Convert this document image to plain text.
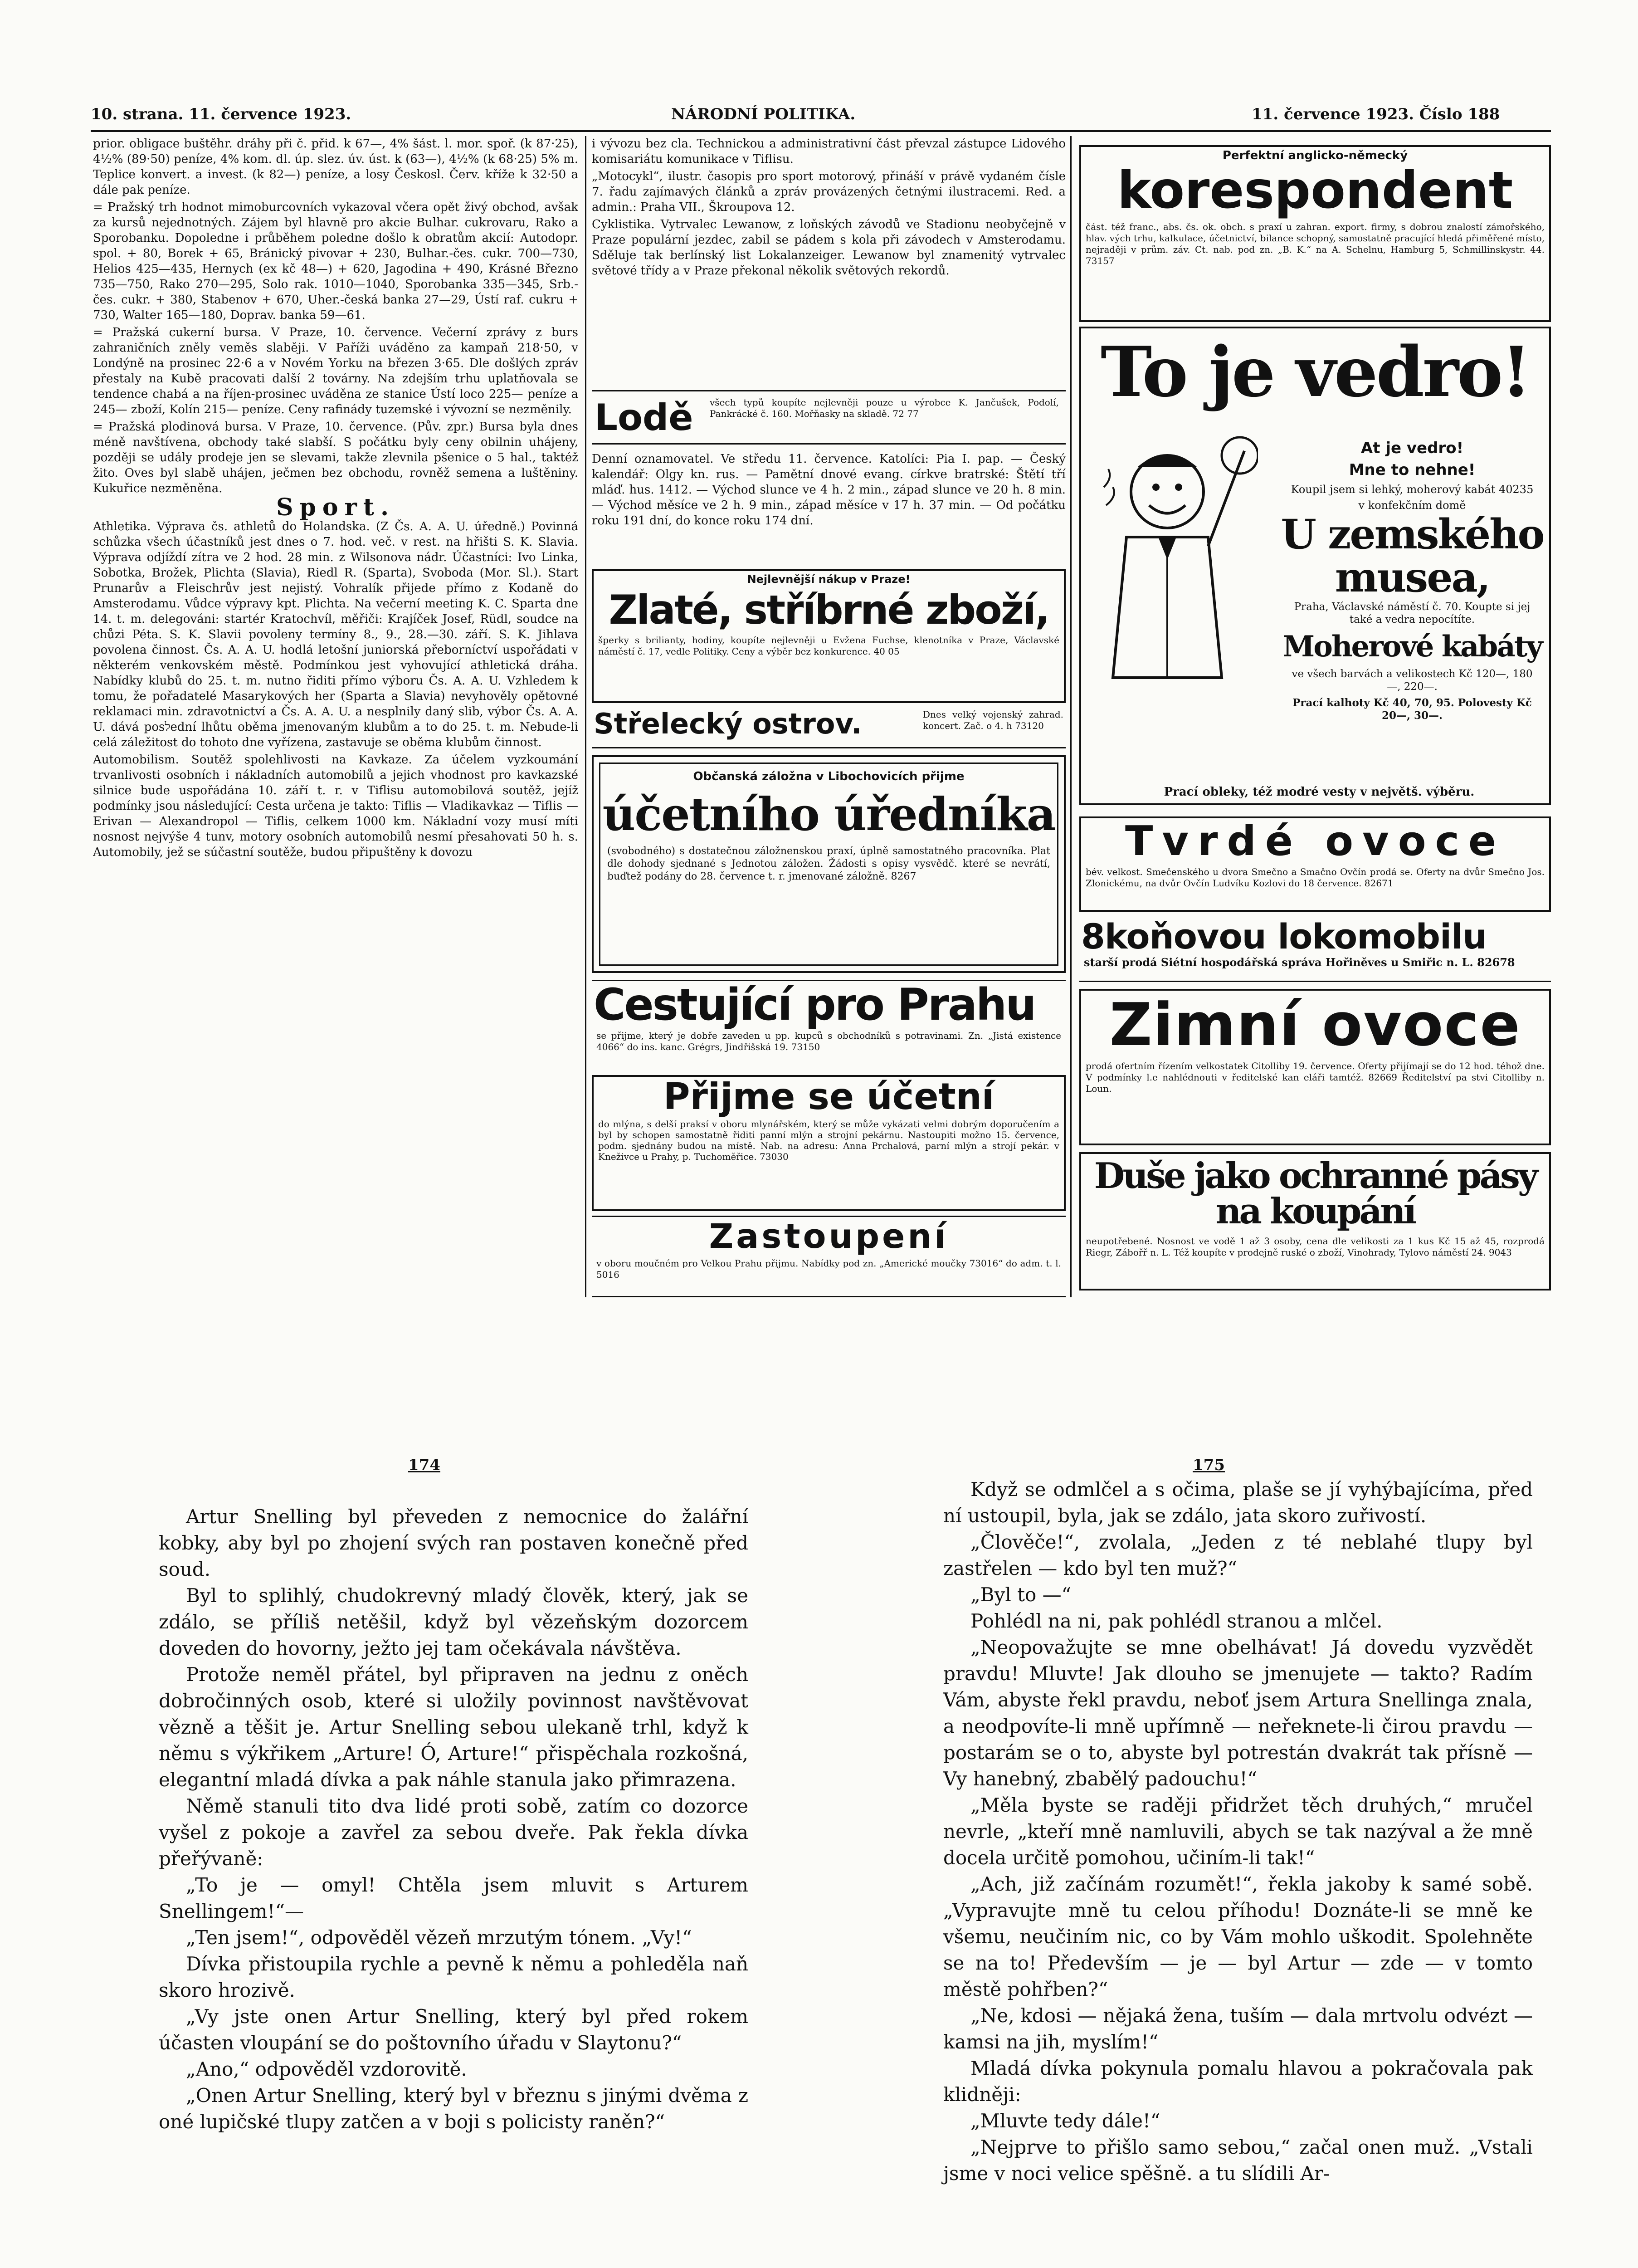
10. strana. 11. července 1923.	NÁRODNÍ POLITIKA.	11. července 1923. Číslo 188

prior. obligace buštěhr. dráhy při č. přid. k 67—, 4% šást. l. mor. spoř. (k 87·25), 4½% (89·50) peníze, 4% kom. dl. úp. slez. úv. úst. k (63—), 4½% (k 68·25) 5% m. Teplice konvert. a invest. (k 82—) peníze, a losy Českosl. Červ. kříže k 32·50 a dále pak peníze.

= Pražský trh hodnot mimoburcovních vykazoval včera opět živý obchod, avšak za kursů nejednotných. Zájem byl hlavně pro akcie Bulhar. cukrovaru, Rako a Sporobanku. Dopoledne i průběhem poledne došlo k obratům akcií: Autodopr. spol. + 80, Borek + 65, Bránický pivovar + 230, Bulhar.-čes. cukr. 700—730, Helios 425—435, Hernych (ex kč 48—) + 620, Jagodina + 490, Krásné Březno 735—750, Rako 270—295, Solo rak. 1010—1040, Sporobanka 335—345, Srb.-čes. cukr. + 380, Stabenov + 670, Uher.-česká banka 27—29, Ústí raf. cukru + 730, Walter 165—180, Doprav. banka 59—61.

= Pražská cukerní bursa. V Praze, 10. července. Večerní zprávy z burs zahraničních zněly veměs slaběji. V Paříži uváděno za kampaň 218·50, v Londýně na prosinec 22·6 a v Novém Yorku na březen 3·65. Dle došlých zpráv přestaly na Kubě pracovati další 2 továrny. Na zdejším trhu uplatňovala se tendence chabá a na říjen-prosinec uváděna ze stanice Ústí loco 225— peníze a 245— zboží, Kolín 215— peníze. Ceny rafinády tuzemské i vývozní se nezměnily.

= Pražská plodinová bursa. V Praze, 10. července. (Pův. zpr.) Bursa byla dnes méně navštívena, obchody také slabší. S počátku byly ceny obilnin uhájeny, později se udály prodeje jen se slevami, takže zlevnila pšenice o 5 hal., taktéž žito. Oves byl slabě uhájen, ječmen bez obchodu, rovněž semena a luštěniny. Kukuřice nezměněna.

Sport.

Athletika. Výprava čs. athletů do Holandska. (Z Čs. A. A. U. úředně.) Povinná schůzka všech účastníků jest dnes o 7. hod. več. v rest. na hřišti S. K. Slavia. Výprava odjíždí zítra ve 2 hod. 28 min. z Wilsonova nádr. Účastníci: Ivo Linka, Sobotka, Brožek, Plichta (Slavia), Riedl R. (Sparta), Svoboda (Mor. Sl.). Start Prunarův a Fleischrův jest nejistý. Vohralík přijede přímo z Kodaně do Amsterodamu. Vůdce výpravy kpt. Plichta. Na večerní meeting K. C. Sparta dne 14. t. m. delegováni: startér Kratochvíl, měřiči: Krajíček Josef, Rüdl, soudce na chůzi Péta. S. K. Slavii povoleny termíny 8., 9., 28.—30. září. S. K. Jihlava povolena činnost. Čs. A. A. U. hodlá letošní juniorská přeborníctví uspořádati v některém venkovském městě. Podmínkou jest vyhovující athletická dráha. Nabídky klubů do 25. t. m. nutno řiditi přímo výboru Čs. A. A. U. Vzhledem k tomu, že pořadatelé Masarykových her (Sparta a Slavia) nevyhověly opětovné reklamaci min. zdravotnictví a Čs. A. A. U. a nesplnily daný slib, výbor Čs. A. A. U. dává posלední lhůtu oběma jmenovaným klubům a to do 25. t. m. Nebude-li celá záležitost do tohoto dne vyřízena, zastavuje se oběma klubům činnost.

Automobilism. Soutěž spolehlivosti na Kavkaze. Za účelem vyzkoumání trvanlivosti osobních i nákladních automobilů a jejich vhodnost pro kavkazské silnice bude uspořádána 10. září t. r. v Tiflisu automobilová soutěž, jejíž podmínky jsou následující: Cesta určena je takto: Tiflis — Vladikavkaz — Tiflis — Erivan — Alexandropol — Tiflis, celkem 1000 km. Nákladní vozy musí míti nosnost nejvýše 4 tunv, motory osobních automobilů nesmí přesahovati 50 h. s. Automobily, jež se súčastní soutěže, budou připuštěny k dovozu

i vývozu bez cla. Technickou a administrativní část převzal zástupce Lidového komisariátu komunikace v Tiflisu.

„Motocykl“, ilustr. časopis pro sport motorový, přináší v právě vydaném čísle 7. řadu zajímavých článků a zpráv provázených četnými ilustracemi. Red. a admin.: Praha VII., Škroupova 12.

Cyklistika. Vytrvalec Lewanow, z loňských závodů ve Stadionu neobyčejně v Praze populární jezdec, zabil se pádem s kola při závodech v Amsterodamu. Sděluje tak berlínský list Lokalanzeiger. Lewanow byl znamenitý vytrvalec světové třídy a v Praze překonal několik světových rekordů.

Lodě	všech typů koupíte nejlevněji pouze u výrobce K. Jančušek, Podolí, Pankrácké č. 160. Mořňasky na skladě. 72 77

Denní oznamovatel. Ve středu 11. července. Katolíci: Pia I. pap. — Český kalendář: Olgy kn. rus. — Pamětní dnové evang. církve bratrské: Štětí tří mláď. hus. 1412. — Východ slunce ve 4 h. 2 min., západ slunce ve 20 h. 8 min. — Východ měsíce ve 2 h. 9 min., západ měsíce v 17 h. 37 min. — Od počátku roku 191 dní, do konce roku 174 dní.

Nejlevnější nákup v Praze!
Zlaté, stříbrné zboží,
šperky s brilianty, hodiny, koupíte nejlevněji u Evžena Fuchse, klenotníka v Praze, Václavské náměstí č. 17, vedle Politiky. Ceny a výběr bez konkurence. 40 05
Střelecký ostrov.	Dnes velký vojenský zahrad. koncert. Zač. o 4. h 73120
Občanská záložna v Libochovicích přijme
účetního úředníka
(svobodného) s dostatečnou záložnenskou praxí, úplně samostatného pracovníka. Plat dle dohody sjednané s Jednotou záložen. Žádosti s opisy vysvědč. které se nevrátí, buďtež podány do 28. července t. r. jmenované záložně. 8267
Cestující pro Prahu
se přijme, který je dobře zaveden u pp. kupců s obchodníků s potravinami. Zn. „Jistá existence 4066“ do ins. kanc. Grégrs, Jindřišská 19. 73150
Přijme se účetní
do mlýna, s delší praksí v oboru mlynářském, který se může vykázati velmi dobrým doporučením a byl by schopen samostatně řiditi panní mlýn a strojní pekárnu. Nastoupiti možno 15. července, podm. sjednány budou na místě. Nab. na adresu: Anna Prchalová, parní mlýn a strojí pekár. v Kneživce u Prahy, p. Tuchoměřice. 73030
Zastoupení
v oboru moučném pro Velkou Prahu přijmu. Nabídky pod zn. „Americké moučky 73016“ do adm. t. l. 5016
Perfektní anglicko-německý
korespondent
část. též franc., abs. čs. ok. obch. s praxí u zahran. export. firmy, s dobrou znalostí zámořského, hlav. vých trhu, kalkulace, účetnictví, bilance schopný, samostatně pracující hledá přiměřené místo, nejraději v prům. záv. Ct. nab. pod zn. „B. K.“ na A. Schelnu, Hamburg 5, Schmillinskystr. 44. 73157
To je vedro!
At je vedro!
Mne to nehne!
Koupil jsem si lehký, moherový kabát 40235
v konfekčním domě
U zemského musea,
Praha, Václavské náměstí č. 70. Koupte si jej také a vedra nepocítíte.
Moherové kabáty
ve všech barvách a velikostech Kč 120—, 180—, 220—.
Prací kalhoty Kč 40, 70, 95. Polovesty Kč 20—, 30—.
Prací obleky, též modré vesty v největš. výběru.
Tvrdé ovoce
bév. velkost. Smečenského u dvora Smečno a Smačno Ovčín prodá se. Oferty na dvůr Smečno Jos. Zlonickému, na dvůr Ovčín Ludvíku Kozlovi do 18 července. 82671
8koňovou lokomobilu
starší prodá Siétní hospodářská správa Hořiněves u Smiřic n. L. 82678
Zimní ovoce
prodá ofertním řízením velkostatek Citolliby 19. července. Oferty přijímají se do 12 hod. téhož dne. V podmínky l.e nahlédnouti v ředitelské kan eláři tamtéž. 82669 Ředitelství pa stvi Citolliby n. Loun.
Duše jako ochranné pásy na koupání
neupotřebené. Nosnost ve vodě 1 až 3 osoby, cena dle velikosti za 1 kus Kč 15 až 45, rozprodá Riegr, Zábořř n. L. Též koupíte v prodejně ruské o zboží, Vinohrady, Tylovo náměstí 24. 9043
174	175

Artur Snelling byl převeden z nemocnice do žalářní kobky, aby byl po zhojení svých ran postaven konečně před soud.

Byl to splihlý, chudokrevný mladý člověk, který, jak se zdálo, se příliš netěšil, když byl vězeňským dozorcem doveden do hovorny, ježto jej tam očekávala návštěva.

Protože neměl přátel, byl připraven na jednu z oněch dobročinných osob, které si uložily povinnost navštěvovat vězně a těšit je. Artur Snelling sebou ulekaně trhl, když k němu s výkřikem „Arture! Ó, Arture!“ přispěchala rozkošná, elegantní mladá dívka a pak náhle stanula jako přimrazena.

Němě stanuli tito dva lidé proti sobě, zatím co dozorce vyšel z pokoje a zavřel za sebou dveře. Pak řekla dívka přeřývaně:

„To je — omyl! Chtěla jsem mluvit s Arturem Snellingem!“—

„Ten jsem!“, odpověděl vězeň mrzutým tónem. „Vy!“

Dívka přistoupila rychle a pevně k němu a pohleděla naň skoro hrozivě.

„Vy jste onen Artur Snelling, který byl před rokem účasten vloupání se do poštovního úřadu v Slaytonu?“

„Ano,“ odpověděl vzdorovitě.

„Onen Artur Snelling, který byl v březnu s jinými dvěma z oné lupičské tlupy zatčen a v boji s policisty raněn?“

Když se odmlčel a s očima, plaše se jí vyhýbajícíma, před ní ustoupil, byla, jak se zdálo, jata skoro zuřivostí.

„Člověče!“, zvolala, „Jeden z té neblahé tlupy byl zastřelen — kdo byl ten muž?“

„Byl to —“

Pohlédl na ni, pak pohlédl stranou a mlčel.

„Neopovažujte se mne obelhávat! Já dovedu vyzvědět pravdu! Mluvte! Jak dlouho se jmenujete — takto? Radím Vám, abyste řekl pravdu, neboť jsem Artura Snellinga znala, a neodpovíte-li mně upřímně — neřeknete-li čirou pravdu — postarám se o to, abyste byl potrestán dvakrát tak přísně — Vy hanebný, zbabělý padouchu!“

„Měla byste se raději přidržet těch druhých,“ mručel nevrle, „kteří mně namluvili, abych se tak nazýval a že mně docela určitě pomohou, učiním-li tak!“

„Ach, již začínám rozumět!“, řekla jakoby k samé sobě. „Vypravujte mně tu celou příhodu! Doznáte-li se mně ke všemu, neučiním nic, co by Vám mohlo uškodit. Spolehněte se na to! Především — je — byl Artur — zde — v tomto městě pohřben?“

„Ne, kdosi — nějaká žena, tuším — dala mrtvolu odvézt — kamsi na jih, myslím!“

Mladá dívka pokynula pomalu hlavou a pokračovala pak klidněji:

„Mluvte tedy dále!“

„Nejprve to přišlo samo sebou,“ začal onen muž. „Vstali jsme v noci velice spěšně. a tu slídili Ar-
